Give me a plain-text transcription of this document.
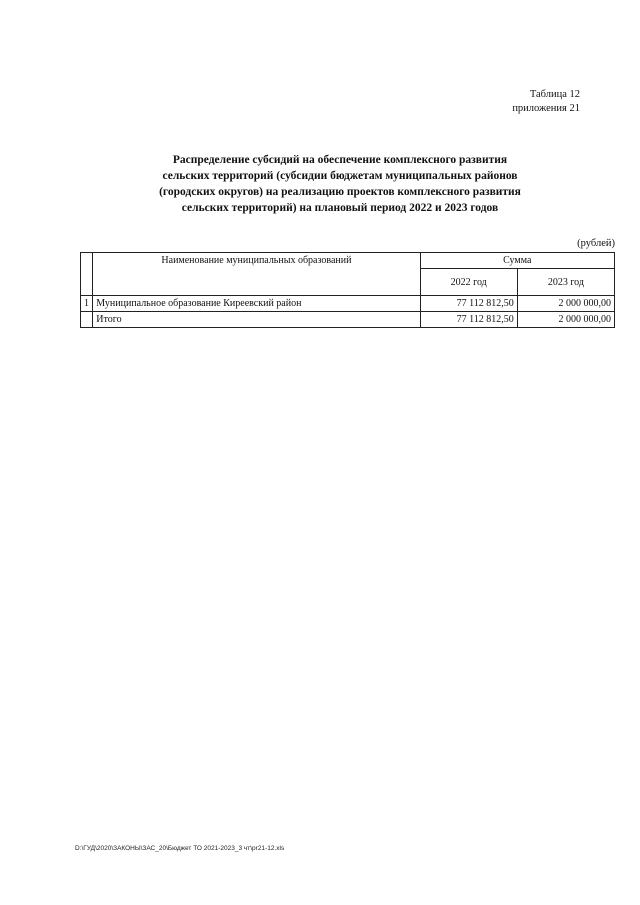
Таблица 12
приложения 21
Распределение субсидий на обеспечение комплексного развития
сельских территорий (субсидии бюджетам муниципальных районов
(городских округов) на реализацию проектов комплексного развития
сельских территорий) на плановый период 2022 и 2023 годов
(рублей)
	Наименование муниципальных образований	Сумма	
		2022 год	2023 год
1	Муниципальное образование Киреевский район	77 112 812,50	2 000 000,00
	Итого	77 112 812,50	2 000 000,00
D:\ГУД\2020\ЗАКОНЫ\ЗАС_20\Бюджет ТО 2021-2023_3 чт\pr21-12.xls
